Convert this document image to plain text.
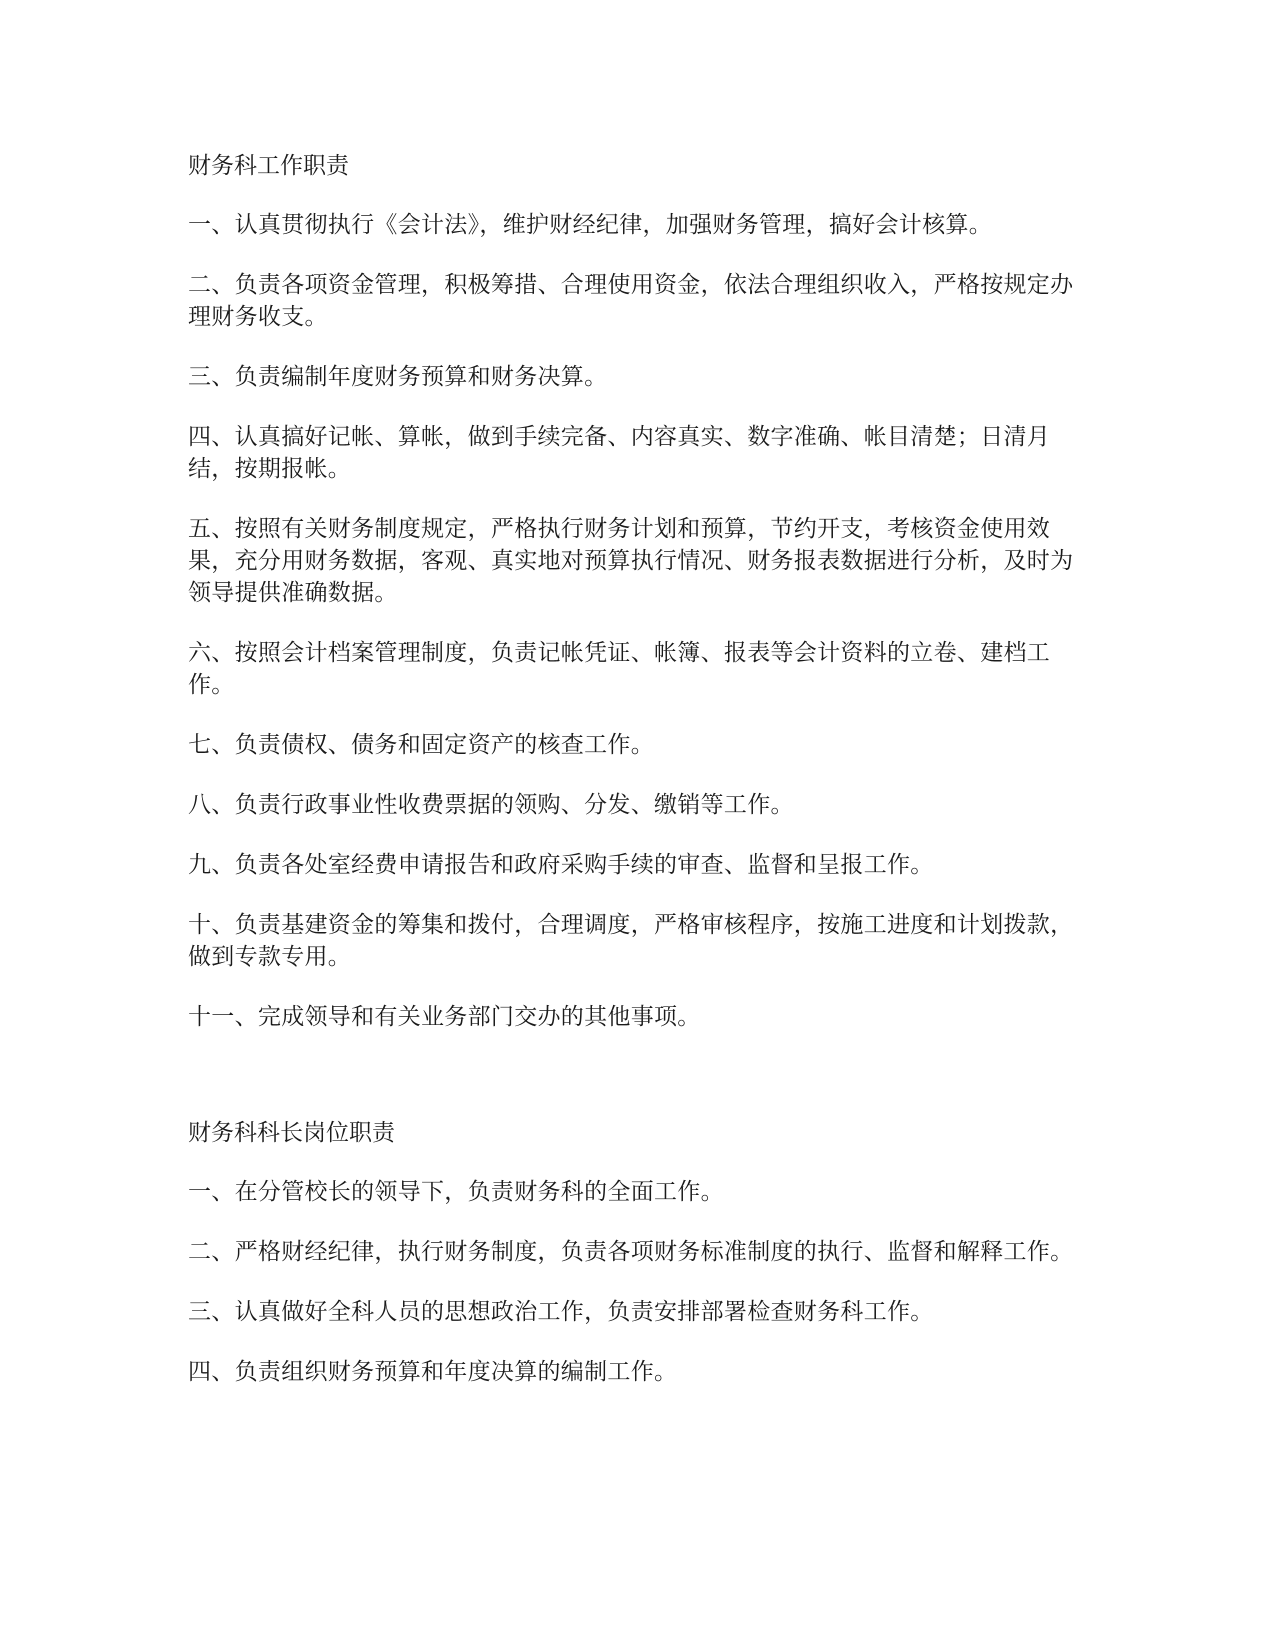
财务科工作职责

一、认真贯彻执行《会计法》，维护财经纪律，加强财务管理，搞好会计核算。

二、负责各项资金管理，积极筹措、合理使用资金，依法合理组织收入，严格按规定办理财务收支。

三、负责编制年度财务预算和财务决算。

四、认真搞好记帐、算帐，做到手续完备、内容真实、数字准确、帐目清楚；日清月结，按期报帐。

五、按照有关财务制度规定，严格执行财务计划和预算，节约开支，考核资金使用效果，充分用财务数据，客观、真实地对预算执行情况、财务报表数据进行分析，及时为领导提供准确数据。

六、按照会计档案管理制度，负责记帐凭证、帐簿、报表等会计资料的立卷、建档工作。

七、负责债权、债务和固定资产的核查工作。

八、负责行政事业性收费票据的领购、分发、缴销等工作。

九、负责各处室经费申请报告和政府采购手续的审查、监督和呈报工作。

十、负责基建资金的筹集和拨付，合理调度，严格审核程序，按施工进度和计划拨款，做到专款专用。

十一、完成领导和有关业务部门交办的其他事项。

财务科科长岗位职责

一、在分管校长的领导下，负责财务科的全面工作。

二、严格财经纪律，执行财务制度，负责各项财务标准制度的执行、监督和解释工作。

三、认真做好全科人员的思想政治工作，负责安排部署检查财务科工作。

四、负责组织财务预算和年度决算的编制工作。
